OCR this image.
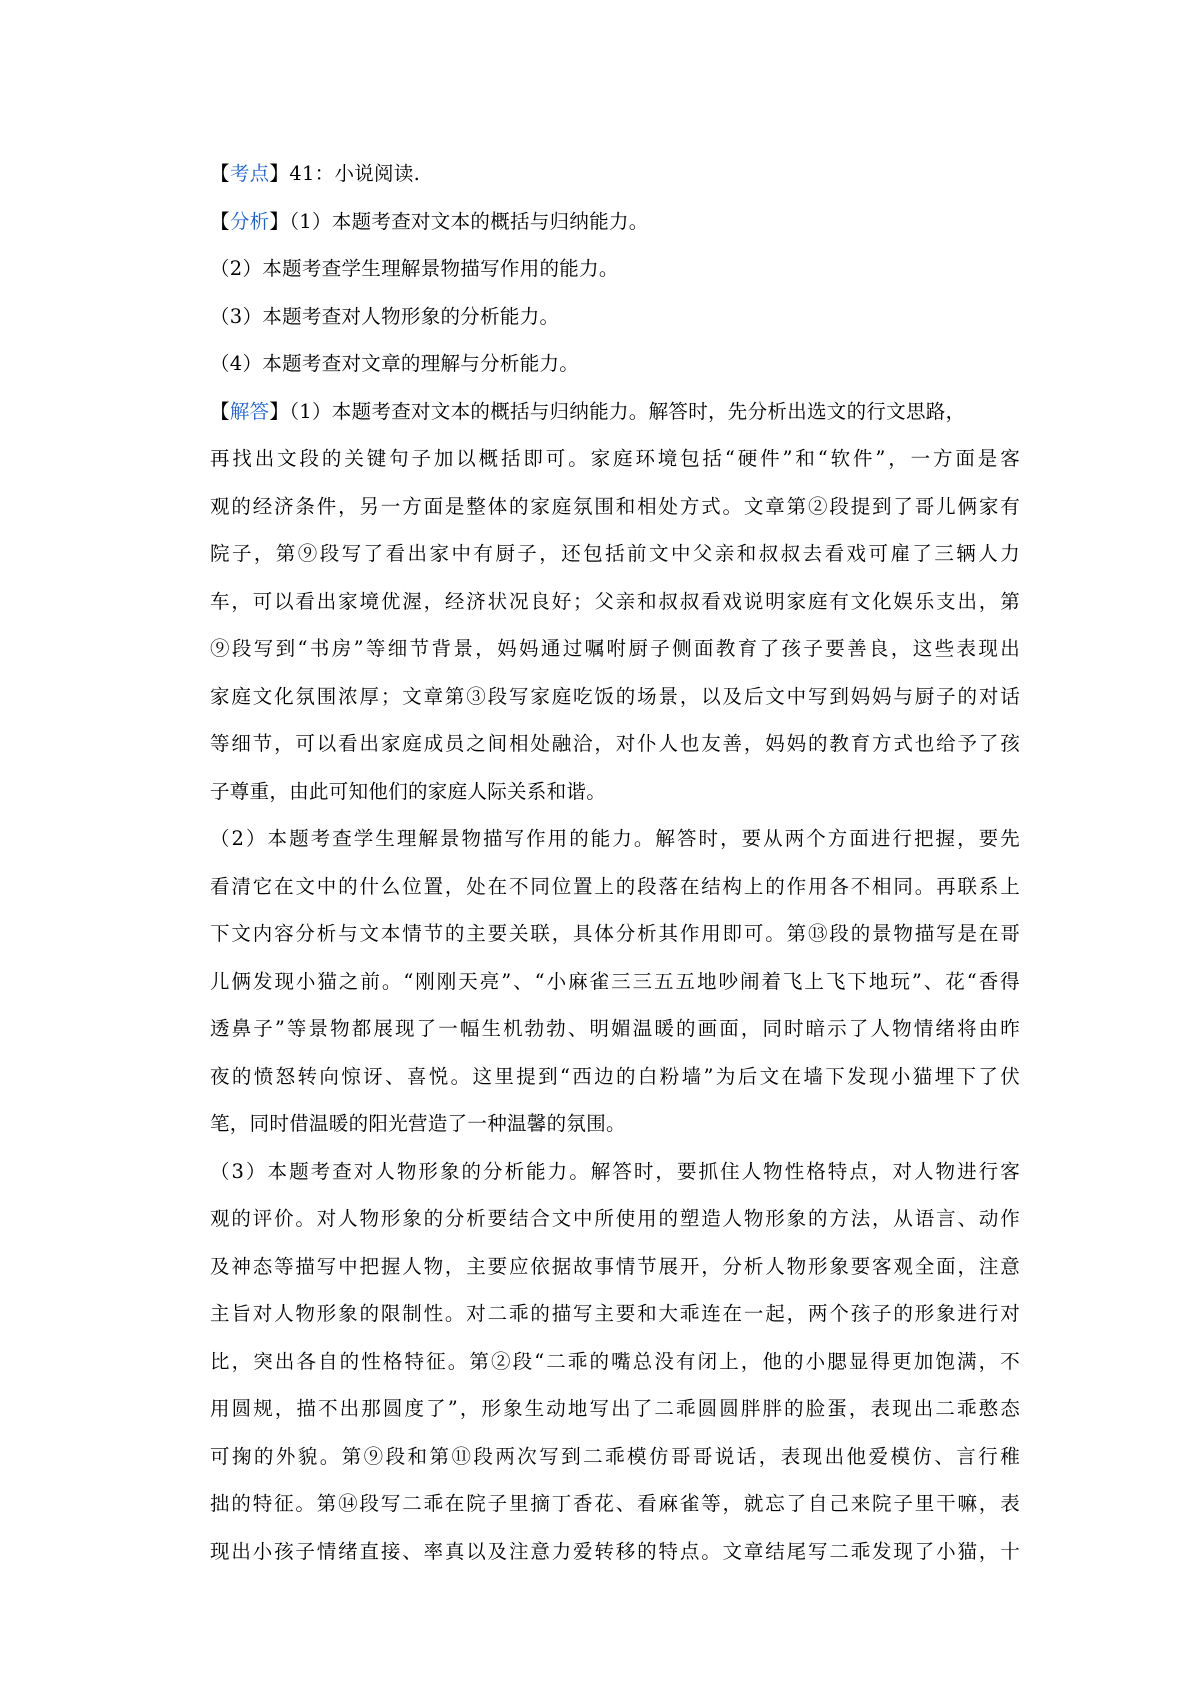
【考点】41：小说阅读.
【分析】（1）本题考查对文本的概括与归纳能力。
（2）本题考查学生理解景物描写作用的能力。
（3）本题考查对人物形象的分析能力。
（4）本题考查对文章的理解与分析能力。
【解答】（1）本题考查对文本的概括与归纳能力。解答时，先分析出选文的行文思路，
再找出文段的关键句子加以概括即可。家庭环境包括“硬件”和“软件”，一方面是客
观的经济条件，另一方面是整体的家庭氛围和相处方式。文章第②段提到了哥儿俩家有
院子，第⑨段写了看出家中有厨子，还包括前文中父亲和叔叔去看戏可雇了三辆人力
车，可以看出家境优渥，经济状况良好；父亲和叔叔看戏说明家庭有文化娱乐支出，第
⑨段写到“书房”等细节背景，妈妈通过嘱咐厨子侧面教育了孩子要善良，这些表现出
家庭文化氛围浓厚；文章第③段写家庭吃饭的场景，以及后文中写到妈妈与厨子的对话
等细节，可以看出家庭成员之间相处融洽，对仆人也友善，妈妈的教育方式也给予了孩
子尊重，由此可知他们的家庭人际关系和谐。
（2）本题考查学生理解景物描写作用的能力。解答时，要从两个方面进行把握，要先
看清它在文中的什么位置，处在不同位置上的段落在结构上的作用各不相同。再联系上
下文内容分析与文本情节的主要关联，具体分析其作用即可。第⑬段的景物描写是在哥
儿俩发现小猫之前。“刚刚天亮”、“小麻雀三三五五地吵闹着飞上飞下地玩”、花“香得
透鼻子”等景物都展现了一幅生机勃勃、明媚温暖的画面，同时暗示了人物情绪将由昨
夜的愤怒转向惊讶、喜悦。这里提到“西边的白粉墙”为后文在墙下发现小猫埋下了伏
笔，同时借温暖的阳光营造了一种温馨的氛围。
（3）本题考查对人物形象的分析能力。解答时，要抓住人物性格特点，对人物进行客
观的评价。对人物形象的分析要结合文中所使用的塑造人物形象的方法，从语言、动作
及神态等描写中把握人物，主要应依据故事情节展开，分析人物形象要客观全面，注意
主旨对人物形象的限制性。对二乖的描写主要和大乖连在一起，两个孩子的形象进行对
比，突出各自的性格特征。第②段“二乖的嘴总没有闭上，他的小腮显得更加饱满，不
用圆规，描不出那圆度了”，形象生动地写出了二乖圆圆胖胖的脸蛋，表现出二乖憨态
可掬的外貌。第⑨段和第⑪段两次写到二乖模仿哥哥说话，表现出他爱模仿、言行稚
拙的特征。第⑭段写二乖在院子里摘丁香花、看麻雀等，就忘了自己来院子里干嘛，表
现出小孩子情绪直接、率真以及注意力爱转移的特点。文章结尾写二乖发现了小猫，十
